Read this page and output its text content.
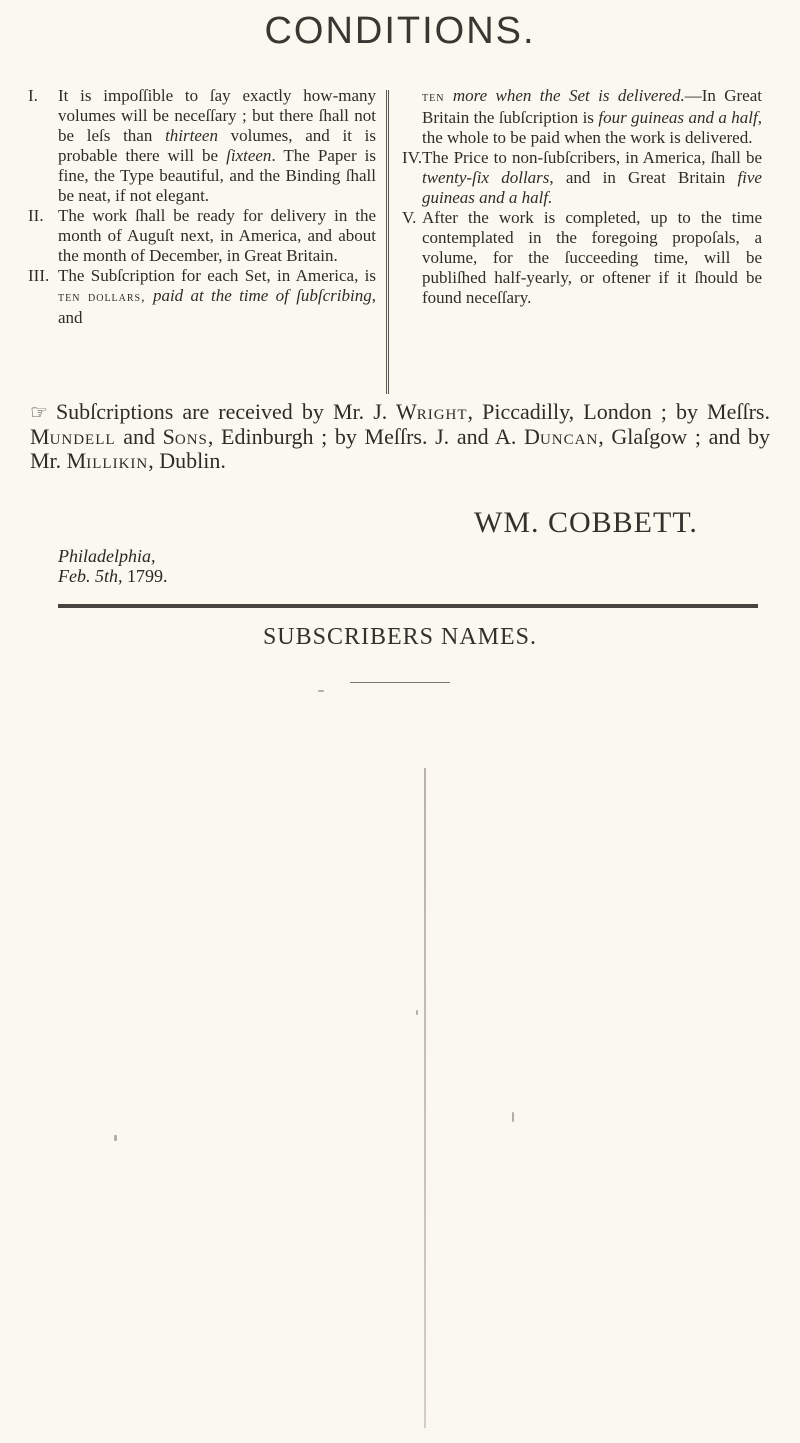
CONDITIONS.
I. It is impoſſible to ſay exactly how-many volumes will be neceſſary ; but there ſhall not be leſs than thirteen volumes, and it is probable there will be ſixteen. The Paper is fine, the Type beautiful, and the Binding ſhall be neat, if not elegant.
II. The work ſhall be ready for delivery in the month of Auguſt next, in America, and about the month of December, in Great Britain.
III. The Subſcription for each Set, in America, is ten dollars, paid at the time of ſubſcribing, and
ten more when the Set is delivered.—In Great Britain the ſubſcription is four guineas and a half, the whole to be paid when the work is delivered.
IV. The Price to non-ſubſcribers, in America, ſhall be twenty-ſix dollars, and in Great Britain five guineas and a half.
V. After the work is completed, up to the time contemplated in the foregoing propoſals, a volume, for the ſucceeding time, will be publiſhed half-yearly, or oftener if it ſhould be found neceſſary.
☞ Subſcriptions are received by Mr. J. Wright, Piccadilly, London ; by Meſſrs. Mundell and Sons, Edinburgh ; by Meſſrs. J. and A. Duncan, Glaſgow ; and by Mr. Millikin, Dublin.
WM. COBBETT.
Philadelphia,
Feb. 5th, 1799.
SUBSCRIBERS NAMES.
